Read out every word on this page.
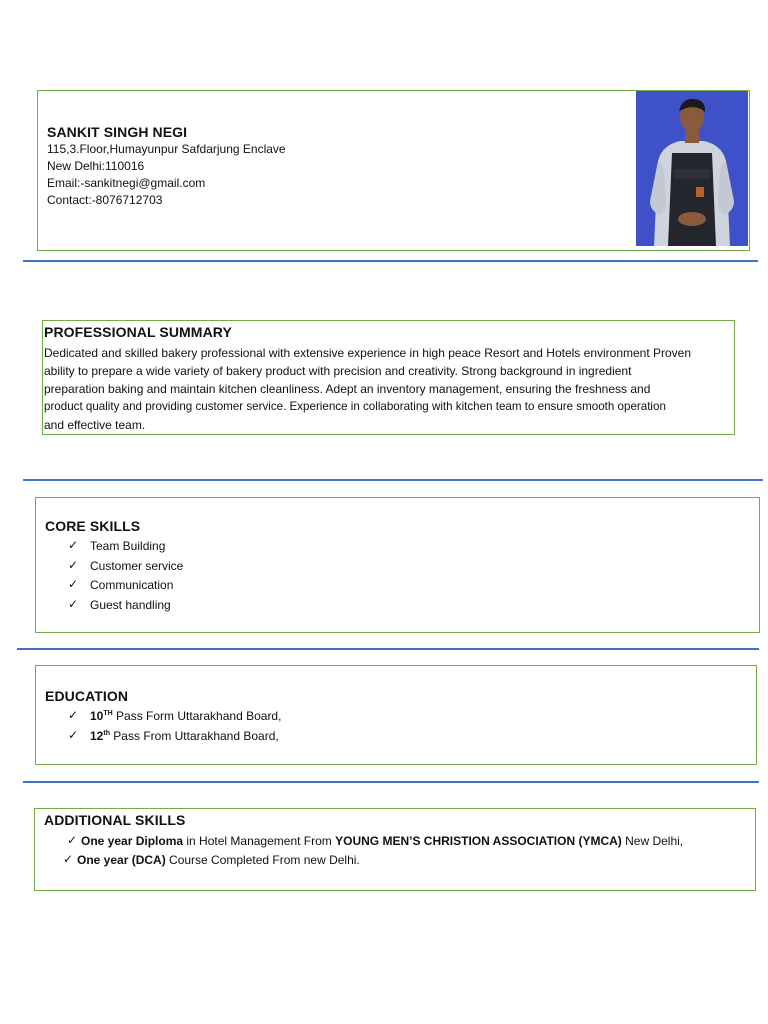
SANKIT SINGH NEGI
115,3.Floor,Humayunpur Safdarjung Enclave
New Delhi:110016
Email:-sankitnegi@gmail.com
Contact:-8076712703
PROFESSIONAL SUMMARY
Dedicated and skilled bakery professional with extensive experience in high peace Resort and Hotels environment Proven
ability to prepare a wide variety of bakery product with precision and creativity. Strong background in ingredient
preparation baking and maintain kitchen cleanliness. Adept an inventory management, ensuring the freshness and
product quality and providing customer service. Experience in collaborating with kitchen team to ensure smooth operation
and effective team.
CORE SKILLS
✓ Team Building
✓ Customer service
✓ Communication
✓ Guest handling
EDUCATION
✓ 10TH Pass Form Uttarakhand Board,
✓ 12th Pass From Uttarakhand Board,
ADDITIONAL SKILLS
✓ One year Diploma in Hotel Management From YOUNG MEN’S CHRISTION ASSOCIATION (YMCA) New Delhi,
✓ One year (DCA) Course Completed From new Delhi.
